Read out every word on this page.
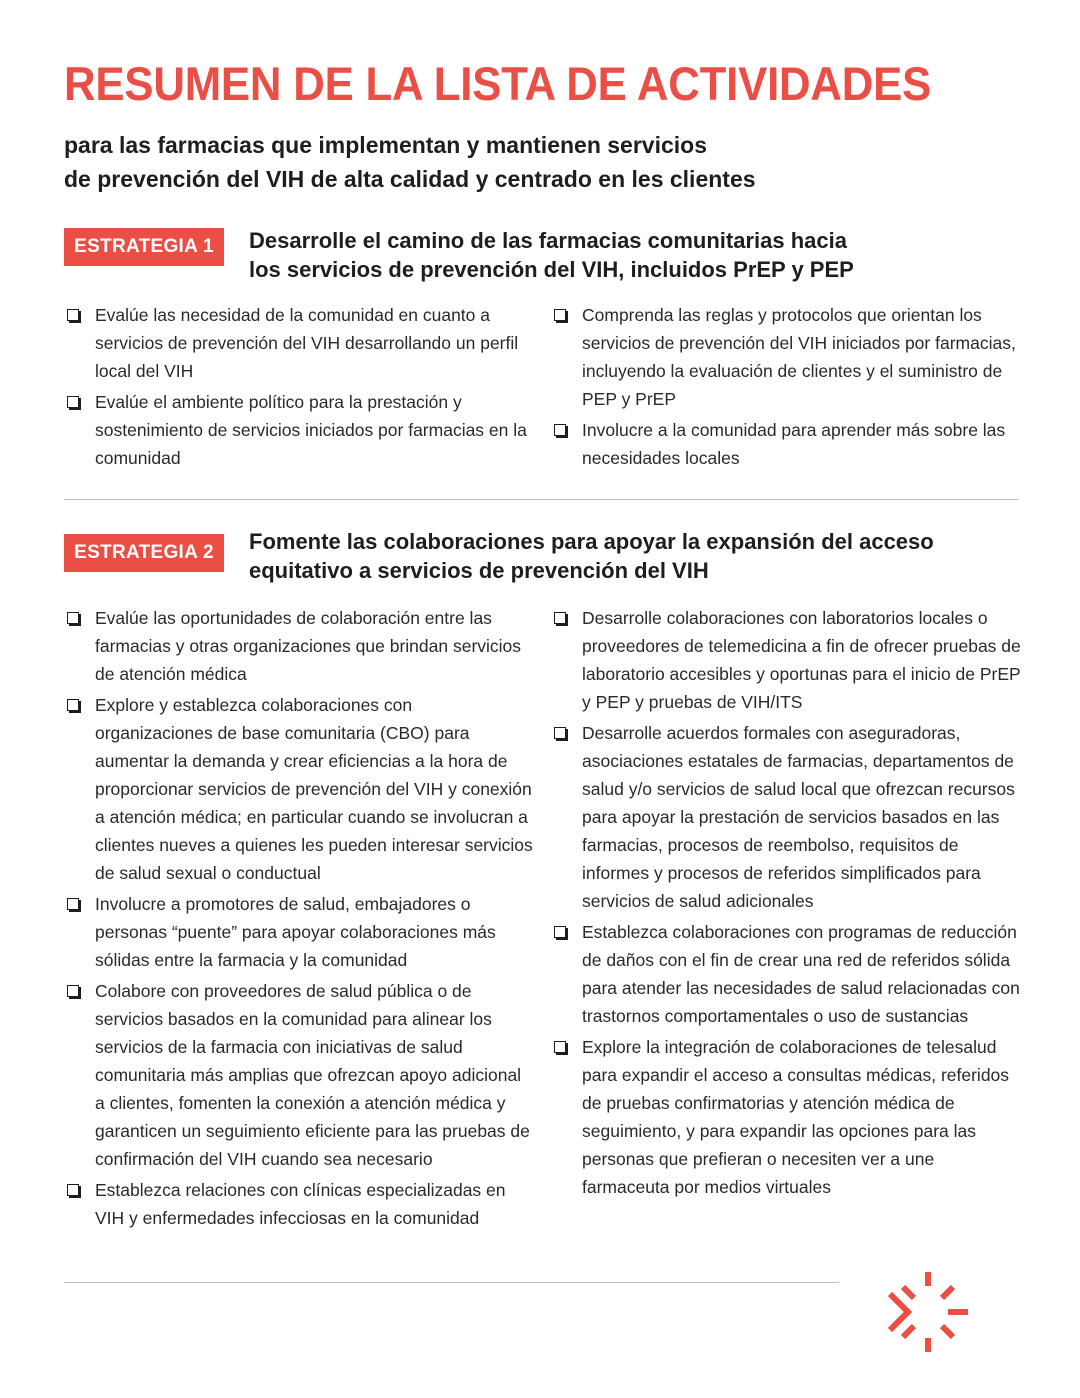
RESUMEN DE LA LISTA DE ACTIVIDADES
para las farmacias que implementan y mantienen servicios
de prevención del VIH de alta calidad y centrado en les clientes
ESTRATEGIA 1	Desarrolle el camino de las farmacias comunitarias hacia
los servicios de prevención del VIH, incluidos PrEP y PEP
Evalúe las necesidad de la comunidad en cuanto a servicios de prevención del VIH desarrollando un perfil local del VIH
Evalúe el ambiente político para la prestación y sostenimiento de servicios iniciados por farmacias en la comunidad
Comprenda las reglas y protocolos que orientan los servicios de prevención del VIH iniciados por farmacias, incluyendo la evaluación de clientes y el suministro de PEP y PrEP
Involucre a la comunidad para aprender más sobre las necesidades locales
ESTRATEGIA 2	Fomente las colaboraciones para apoyar la expansión del acceso
equitativo a servicios de prevención del VIH
Evalúe las oportunidades de colaboración entre las farmacias y otras organizaciones que brindan servicios de atención médica
Explore y establezca colaboraciones con organizaciones de base comunitaria (CBO) para aumentar la demanda y crear eficiencias a la hora de proporcionar servicios de prevención del VIH y conexión a atención médica; en particular cuando se involucran a clientes nueves a quienes les pueden interesar servicios de salud sexual o conductual
Involucre a promotores de salud, embajadores o personas “puente” para apoyar colaboraciones más sólidas entre la farmacia y la comunidad
Colabore con proveedores de salud pública o de servicios basados en la comunidad para alinear los servicios de la farmacia con iniciativas de salud comunitaria más amplias que ofrezcan apoyo adicional a clientes, fomenten la conexión a atención médica y garanticen un seguimiento eficiente para las pruebas de confirmación del VIH cuando sea necesario
Establezca relaciones con clínicas especializadas en VIH y enfermedades infecciosas en la comunidad
Desarrolle colaboraciones con laboratorios locales o proveedores de telemedicina a fin de ofrecer pruebas de laboratorio accesibles y oportunas para el inicio de PrEP y PEP y pruebas de VIH/ITS
Desarrolle acuerdos formales con aseguradoras, asociaciones estatales de farmacias, departamentos de salud y/o servicios de salud local que ofrezcan recursos para apoyar la prestación de servicios basados en las farmacias, procesos de reembolso, requisitos de informes y procesos de referidos simplificados para servicios de salud adicionales
Establezca colaboraciones con programas de reducción de daños con el fin de crear una red de referidos sólida para atender las necesidades de salud relacionadas con trastornos comportamentales o uso de sustancias
Explore la integración de colaboraciones de telesalud para expandir el acceso a consultas médicas, referidos de pruebas confirmatorias y atención médica de seguimiento, y para expandir las opciones para las personas que prefieran o necesiten ver a une farmaceuta por medios virtuales
